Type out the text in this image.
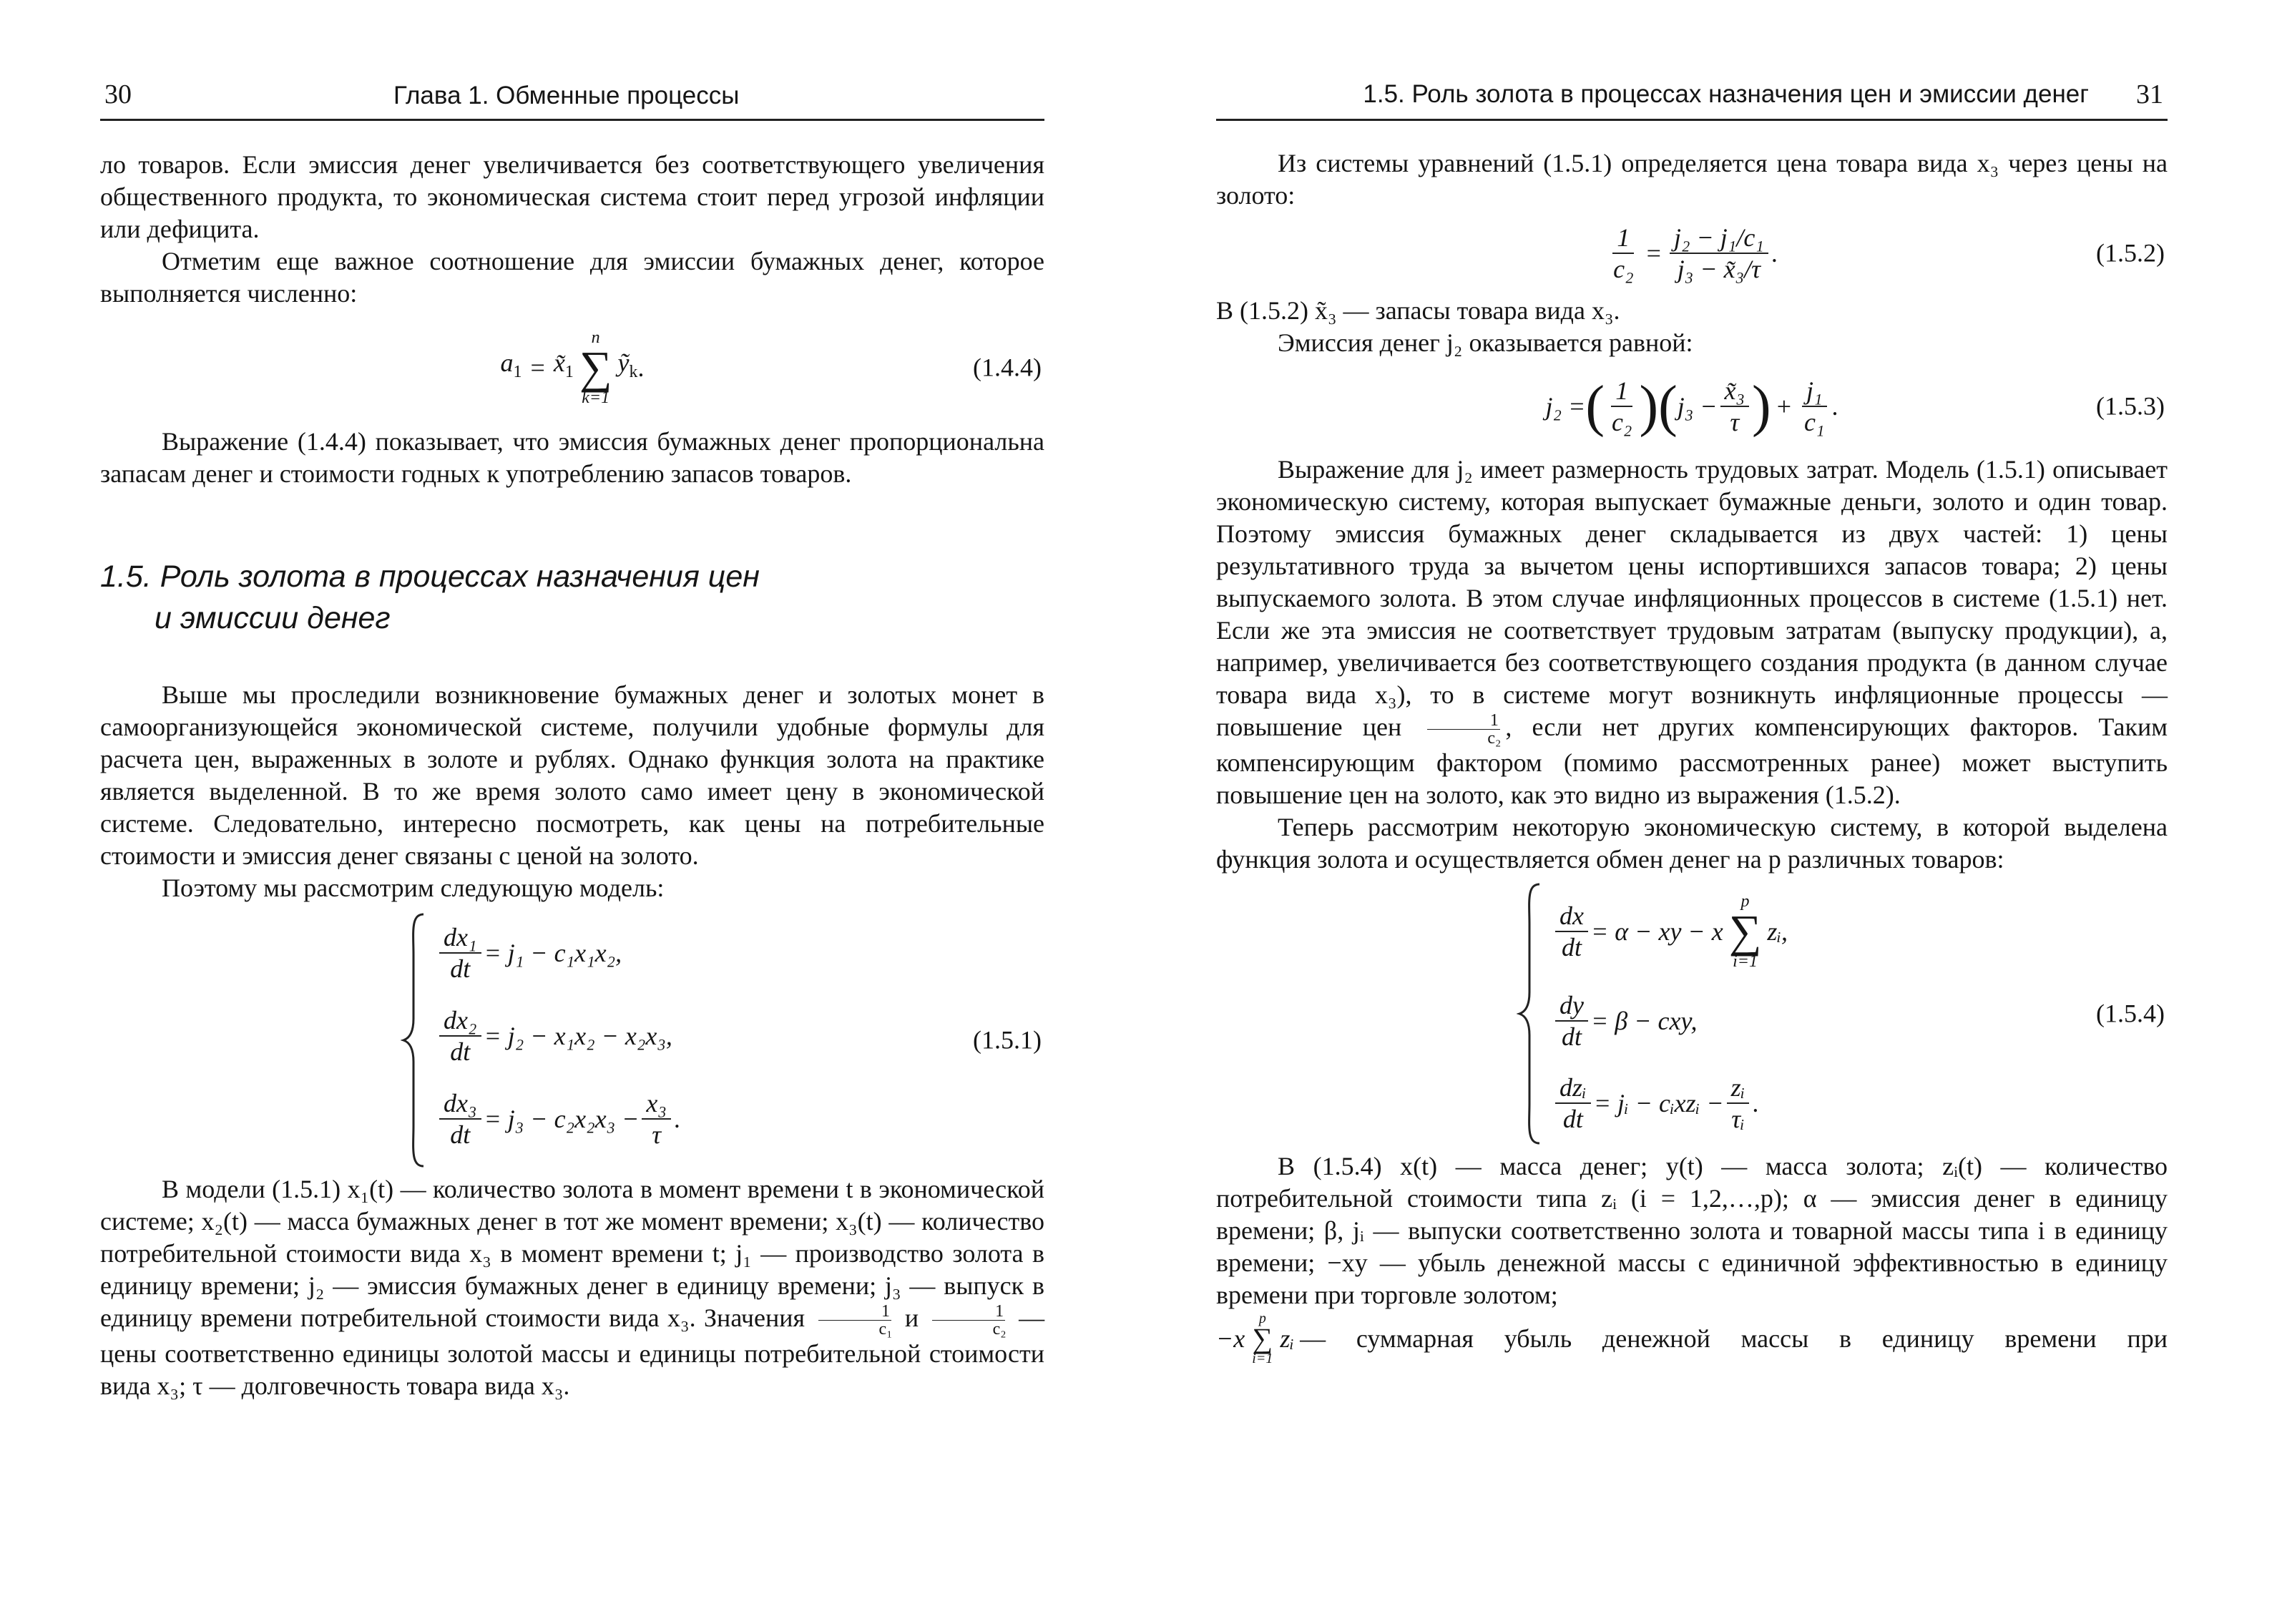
30	Глава 1. Обменные процессы

ло товаров. Если эмиссия денег увеличивается без соответствующего увеличения общественного продукта, то экономическая система стоит перед угрозой инфляции или дефицита.

Отметим еще важное соотношение для эмиссии бумажных денег, которое выполняется численно:

$a_1$ = $x̃_1$
n
∑
k=1
ỹ$_k$ .	(1.4.4)

Выражение (1.4.4) показывает, что эмиссия бумажных денег пропорциональна запасам денег и стоимости годных к употреблению запасов товаров.

1.5. Роль золота в процессах назначения цен
и эмиссии денег

Выше мы проследили возникновение бумажных денег и золотых монет в самоорганизующейся экономической системе, получили удобные формулы для расчета цен, выраженных в золоте и рублях. Однако функция золота на практике является выделенной. В то же время золото само имеет цену в экономической системе. Следовательно, интересно посмотреть, как цены на потребительные стоимости и эмиссия денег связаны с ценой на золото.

Поэтому мы рассмотрим следующую модель:

$\frac{\text{dx₁}}{dt} = j_1 - c_1x_1x_2$,
$\frac{\text{dx₂}}{dt} = j_2 - x_1x_2 - x_2x_3$,
$\frac{\text{dx₃}}{dt} = j_3 - c_2x_2x_3 - \frac{\text{x₃}}{\tau}$ .
(1.5.1)

В модели (1.5.1) x₁(t) — количество золота в момент времени t в экономической системе; x₂(t) — масса бумажных денег в тот же момент времени; x₃(t) — количество потребительной стоимости вида x₃ в момент времени t; j₁ — производство золота в единицу времени; j₂ — эмиссия бумажных денег в единицу времени; j₃ — выпуск в единицу времени потребительной стоимости вида x₃. Значения $\frac{1}{\text{c₁}}$ и $\frac{1}{\text{c₂}}$ — цены соответственно единицы золотой массы и единицы потребительной стоимости вида x₃; τ — долговечность товара вида x₃.

1.5. Роль золота в процессах назначения цен и эмиссии денег 31

Из системы уравнений (1.5.1) определяется цена товара вида x₃ через цены на золото:

$\frac{1}{\text{c₂}} = \frac{\text{j₂ − j₁/c₁}}{\text{j₃ − x̃₃/τ}}$ .	(1.5.2)

В (1.5.2) x̃₃ — запасы товара вида x₃.

Эмиссия денег j₂ оказывается равной:

j₂ = ( $\frac{1}{\text{c₂}}$ ) ( $j_3 - \frac{\text{x̃₃}}{\tau}$ ) + $\frac{\text{j₁}}{\text{c₁}}$ .	(1.5.3)

Выражение для j₂ имеет размерность трудовых затрат. Модель (1.5.1) описывает экономическую систему, которая выпускает бумажные деньги, золото и один товар. Поэтому эмиссия бумажных денег складывается из двух частей: 1) цены результативного труда за вычетом цены испортившихся запасов товара; 2) цены выпускаемого золота. В этом случае инфляционных процессов в системе (1.5.1) нет. Если же эта эмиссия не соответствует трудовым затратам (выпуску продукции), а, например, увеличивается без соответствующего создания продукта (в данном случае товара вида x₃), то в системе могут возникнуть инфляционные процессы — повышение цен $\frac{1}{\text{c₂}}$ , если нет других компенсирующих факторов. Таким компенсирующим фактором (помимо рассмотренных ранее) может выступить повышение цен на золото, как это видно из выражения (1.5.2).

Теперь рассмотрим некоторую экономическую систему, в которой выделена функция золота и осуществляется обмен денег на p различных товаров:

$\frac{dx}{dt} = \alpha$ − xy − x
p
∑
i=1
zᵢ,
$\frac{dy}{dt} = \beta$ − cxy,
$\frac{\text{dzᵢ}}{dt}$ = jᵢ − cᵢxzᵢ − $\frac{\text{zᵢ}}{\text{τᵢ}}$ .
(1.5.4)

В (1.5.4) x(t) — масса денег; y(t) — масса золота; zᵢ(t) — количество потребительной стоимости типа zᵢ (i = 1,2,…,p); α — эмиссия денег в единицу времени; β, jᵢ — выпуски соответственно золота и товарной массы типа i в единицу времени; −xy — убыль денежной массы с единичной эффективностью в единицу времени при торговле золотом;

−x
p
∑
i=1
zᵢ — суммарная убыль денежной массы в единицу времени при
